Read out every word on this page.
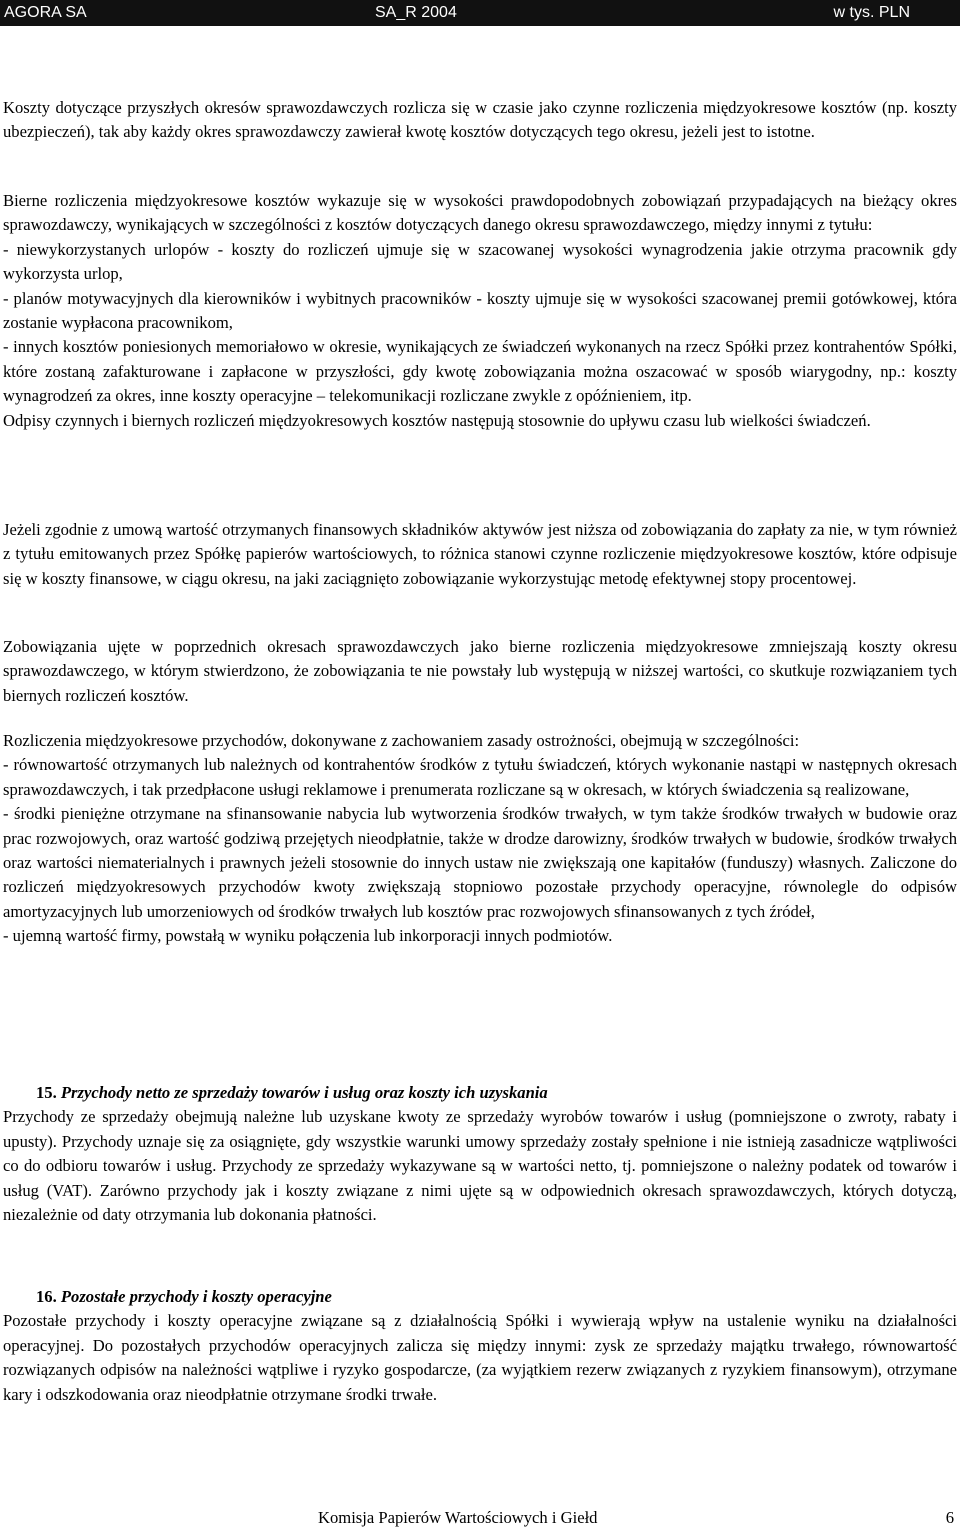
AGORA SA	SA_R 2004	w tys. PLN

Koszty dotyczące przyszłych okresów sprawozdawczych rozlicza się w czasie jako czynne rozliczenia międzyokresowe kosztów (np. koszty ubezpieczeń), tak aby każdy okres sprawozdawczy zawierał kwotę kosztów dotyczących tego okresu, jeżeli jest to istotne.

Bierne rozliczenia międzyokresowe kosztów wykazuje się w wysokości prawdopodobnych zobowiązań przypadających na bieżący okres sprawozdawczy, wynikających w szczególności z kosztów dotyczących danego okresu sprawozdawczego, między innymi z tytułu:

- niewykorzystanych urlopów - koszty do rozliczeń ujmuje się w szacowanej wysokości wynagrodzenia jakie otrzyma pracownik gdy wykorzysta urlop,

- planów motywacyjnych dla kierowników i wybitnych pracowników - koszty ujmuje się w wysokości szacowanej premii gotówkowej, która zostanie wypłacona pracownikom,

- innych kosztów poniesionych memoriałowo w okresie, wynikających ze świadczeń wykonanych na rzecz Spółki przez kontrahentów Spółki, które zostaną zafakturowane i zapłacone w przyszłości, gdy kwotę zobowiązania można oszacować w sposób wiarygodny, np.: koszty wynagrodzeń za okres, inne koszty operacyjne – telekomunikacji rozliczane zwykle z opóźnieniem, itp.

Odpisy czynnych i biernych rozliczeń międzyokresowych kosztów następują stosownie do upływu czasu lub wielkości świadczeń.

Jeżeli zgodnie z umową wartość otrzymanych finansowych składników aktywów jest niższa od zobowiązania do zapłaty za nie, w tym również z tytułu emitowanych przez Spółkę papierów wartościowych, to różnica stanowi czynne rozliczenie międzyokresowe kosztów, które odpisuje się w koszty finansowe, w ciągu okresu, na jaki zaciągnięto zobowiązanie wykorzystując metodę efektywnej stopy procentowej.

Zobowiązania ujęte w poprzednich okresach sprawozdawczych jako bierne rozliczenia międzyokresowe zmniejszają koszty okresu sprawozdawczego, w którym stwierdzono, że zobowiązania te nie powstały lub występują w niższej wartości, co skutkuje rozwiązaniem tych biernych rozliczeń kosztów.

Rozliczenia międzyokresowe przychodów, dokonywane z zachowaniem zasady ostrożności, obejmują w szczególności:

- równowartość otrzymanych lub należnych od kontrahentów środków z tytułu świadczeń, których wykonanie nastąpi w następnych okresach sprawozdawczych, i tak przedpłacone usługi reklamowe i prenumerata rozliczane są w okresach, w których świadczenia są realizowane,

- środki pieniężne otrzymane na sfinansowanie nabycia lub wytworzenia środków trwałych, w tym także środków trwałych w budowie oraz prac rozwojowych, oraz wartość godziwą przejętych nieodpłatnie, także w drodze darowizny, środków trwałych w budowie, środków trwałych oraz wartości niematerialnych i prawnych jeżeli stosownie do innych ustaw nie zwiększają one kapitałów (funduszy) własnych. Zaliczone do rozliczeń międzyokresowych przychodów kwoty zwiększają stopniowo pozostałe przychody operacyjne, równolegle do odpisów amortyzacyjnych lub umorzeniowych od środków trwałych lub kosztów prac rozwojowych sfinansowanych z tych źródeł,

- ujemną wartość firmy, powstałą w wyniku połączenia lub inkorporacji innych podmiotów.

15. Przychody netto ze sprzedaży towarów i usług oraz koszty ich uzyskania

Przychody ze sprzedaży obejmują należne lub uzyskane kwoty ze sprzedaży wyrobów towarów i usług (pomniejszone o zwroty, rabaty i upusty). Przychody uznaje się za osiągnięte, gdy wszystkie warunki umowy sprzedaży zostały spełnione i nie istnieją zasadnicze wątpliwości co do odbioru towarów i usług. Przychody ze sprzedaży wykazywane są w wartości netto, tj. pomniejszone o należny podatek od towarów i usług (VAT). Zarówno przychody jak i koszty związane z nimi ujęte są w odpowiednich okresach sprawozdawczych, których dotyczą, niezależnie od daty otrzymania lub dokonania płatności.

16. Pozostałe przychody i koszty operacyjne

Pozostałe przychody i koszty operacyjne związane są z działalnością Spółki i wywierają wpływ na ustalenie wyniku na działalności operacyjnej. Do pozostałych przychodów operacyjnych zalicza się między innymi: zysk ze sprzedaży majątku trwałego, równowartość rozwiązanych odpisów na należności wątpliwe i ryzyko gospodarcze, (za wyjątkiem rezerw związanych z ryzykiem finansowym), otrzymane kary i odszkodowania oraz nieodpłatnie otrzymane środki trwałe.

Komisja Papierów Wartościowych i Giełd	6
